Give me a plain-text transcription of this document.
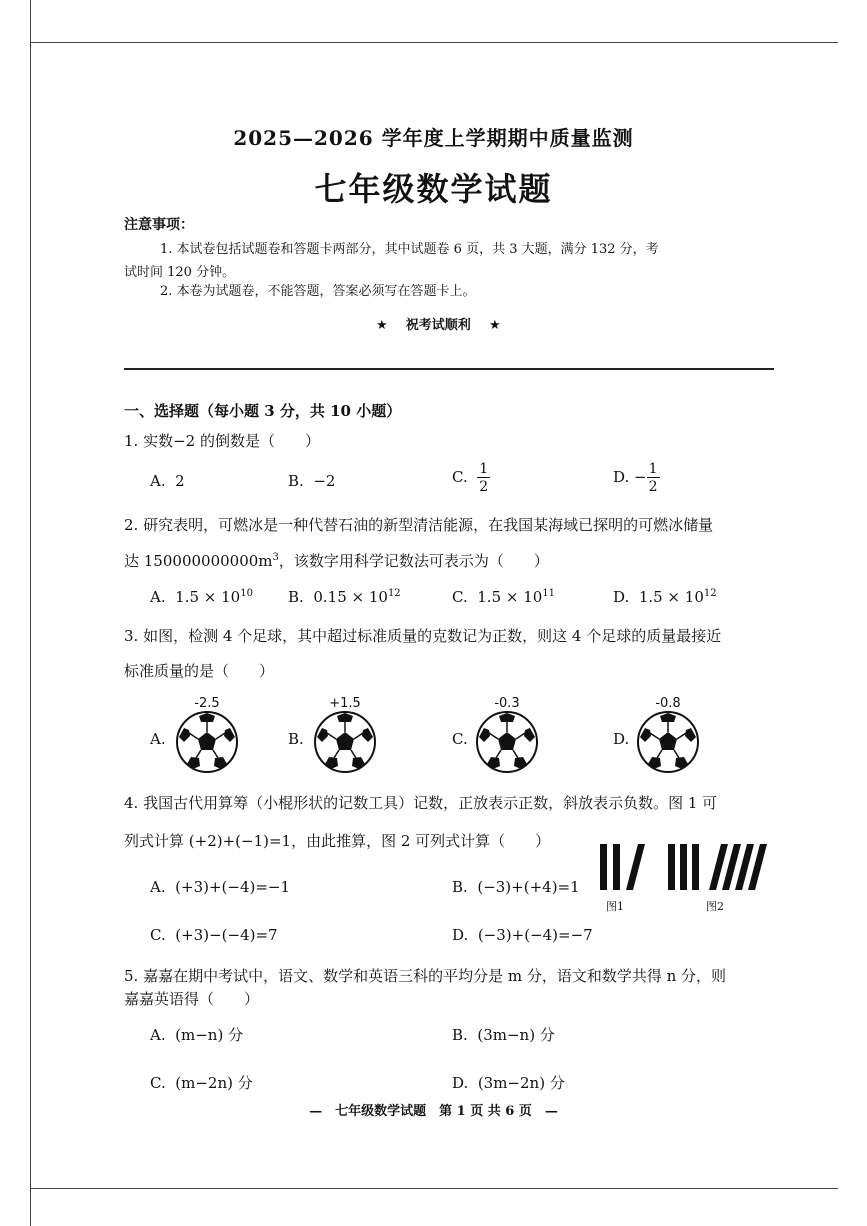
2025—2026 学年度上学期期中质量监测
七年级数学试题
注意事项：
1. 本试卷包括试题卷和答题卡两部分，其中试题卷 6 页，共 3 大题，满分 132 分，考
试时间 120 分钟。
2. 本卷为试题卷，不能答题，答案必须写在答题卡上。
★ 祝考试顺利 ★
一、选择题（每小题 3 分，共 10 小题）
1. 实数−2 的倒数是（　　）
A. 2	B. −2	C. $\frac{1}{2}$	D. − $\frac{1}{2}$
2. 研究表明，可燃冰是一种代替石油的新型清洁能源，在我国某海域已探明的可燃冰储量
达 $150000000000m^3$，该数字用科学记数法可表示为（　　）
A. $1.5 \times 10^{10}$ B. $0.15 \times 10^{12}$	C. $1.5 \times 10^{11}$	D. $1.5 \times 10^{12}$
3. 如图，检测 4 个足球，其中超过标准质量的克数记为正数，则这 4 个足球的质量最接近
标准质量的是（　　）
A.
-2.5
B.
+1.5
C.
-0.3
D.
-0.8
4. 我国古代用算筹（小棍形状的记数工具）记数，正放表示正数，斜放表示负数。图 1 可
列式计算 (+2)+(−1)=1，由此推算，图 2 可列式计算（　　）
A. (+3)+(−4)=−1	B. (−3)+(+4)=1
C. (+3)−(−4)=7	D. (−3)+(−4)=−7
图1	图2
5. 嘉嘉在期中考试中，语文、数学和英语三科的平均分是 m 分，语文和数学共得 n 分，则
嘉嘉英语得（　　）
A. (m−n) 分	B. (3m−n) 分
C. (m−2n) 分	D. (3m−2n) 分
—　七年级数学试题　第 1 页 共 6 页　—
